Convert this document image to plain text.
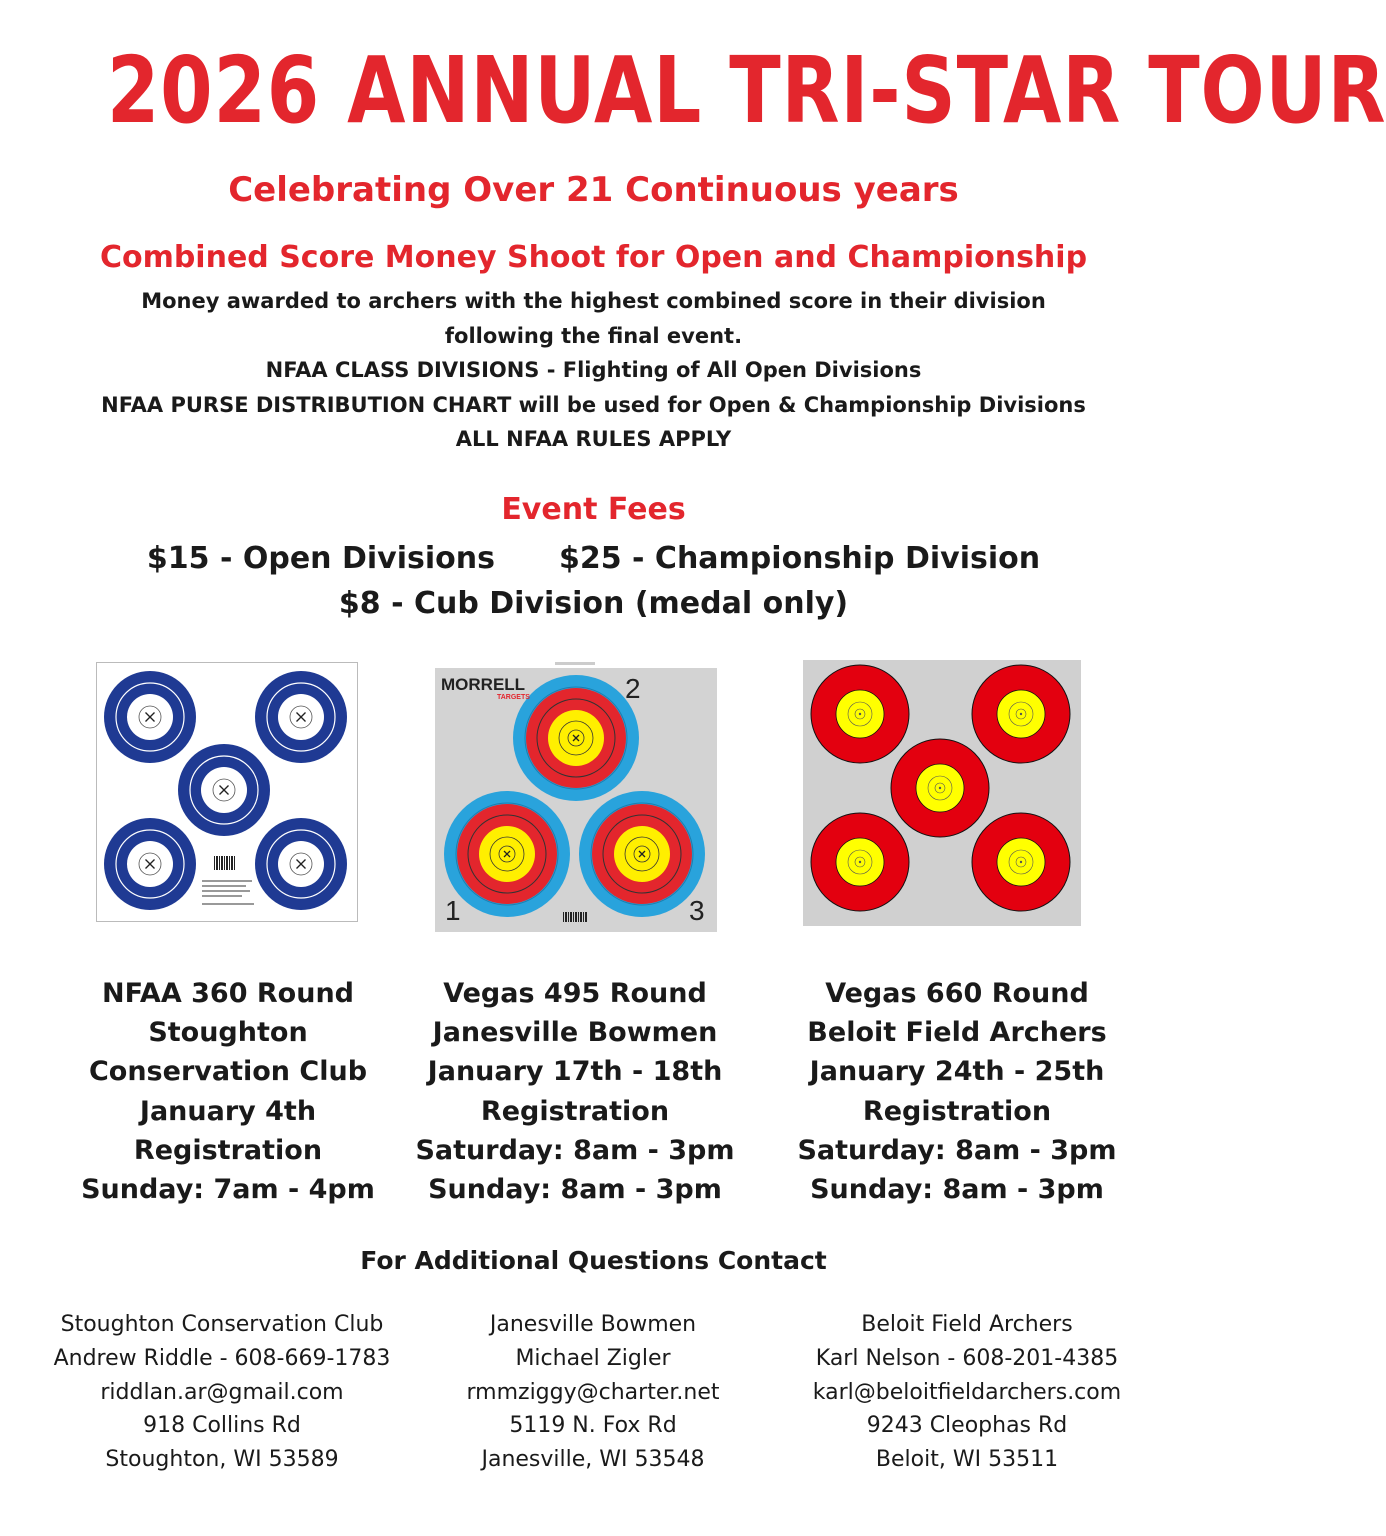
2026 ANNUAL TRI-STAR TOUR
Celebrating Over 21 Continuous years
Combined Score Money Shoot for Open and Championship
Money awarded to archers with the highest combined score in their division
following the final event.
NFAA CLASS DIVISIONS - Flighting of All Open Divisions
NFAA PURSE DISTRIBUTION CHART will be used for Open & Championship Divisions
ALL NFAA RULES APPLY
Event Fees
$15 - Open Divisions $25 - Championship Division
$8 - Cub Division (medal only)
MORRELL
TARGETS	2
1	3
NFAA 360 Round
Stoughton
Conservation Club
January 4th
Registration
Sunday: 7am - 4pm
Vegas 495 Round
Janesville Bowmen
January 17th - 18th
Registration
Saturday: 8am - 3pm
Sunday: 8am - 3pm
Vegas 660 Round
Beloit Field Archers
January 24th - 25th
Registration
Saturday: 8am - 3pm
Sunday: 8am - 3pm
For Additional Questions Contact
Stoughton Conservation Club
Andrew Riddle - 608-669-1783
riddlan.ar@gmail.com
918 Collins Rd
Stoughton, WI 53589
Janesville Bowmen
Michael Zigler
rmmziggy@charter.net
5119 N. Fox Rd
Janesville, WI 53548
Beloit Field Archers
Karl Nelson - 608-201-4385
karl@beloitfieldarchers.com
9243 Cleophas Rd
Beloit, WI 53511
